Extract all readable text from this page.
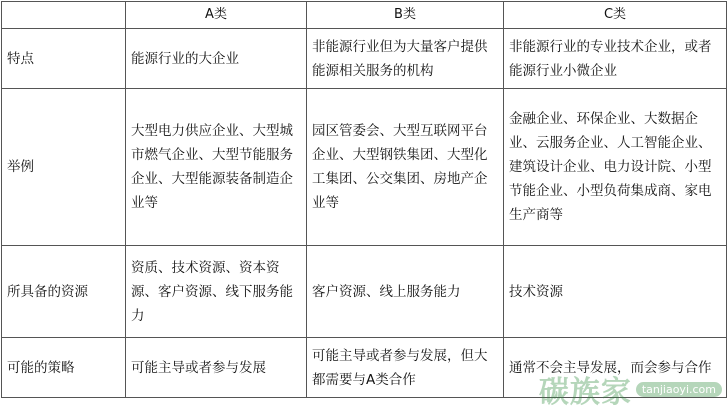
	A类	B类	C类
特点	能源行业的大企业	非能源行业但为大量客户提供能源相关服务的机构	非能源行业的专业技术企业，或者能源行业小微企业
举例	大型电力供应企业、大型城市燃气企业、大型节能服务企业、大型能源装备制造企业等	园区管委会、大型互联网平台企业、大型钢铁集团、大型化工集团、公交集团、房地产企业等	金融企业、环保企业、大数据企业、云服务企业、人工智能企业、建筑设计企业、电力设计院、小型节能企业、小型负荷集成商、家电生产商等
所具备的资源	资质、技术资源、资本资源、客户资源、线下服务能力	客户资源、线上服务能力	技术资源
可能的策略	可能主导或者参与发展	可能主导或者参与发展，但大都需要与A类合作	通常不会主导发展，而会参与合作
碳族家 tanjiaoyi.com
